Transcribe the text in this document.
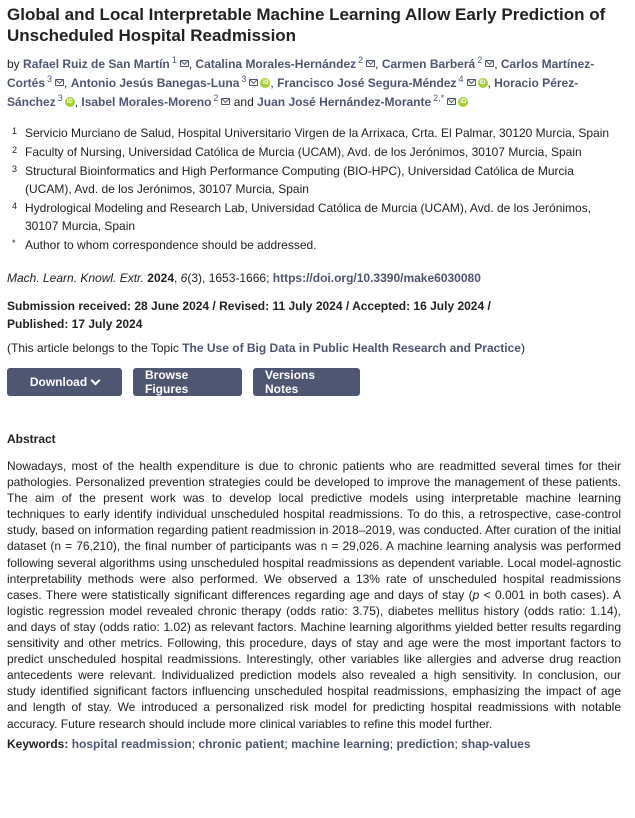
Global and Local Interpretable Machine Learning Allow Early Prediction of Unscheduled Hospital Readmission
by Rafael Ruiz de San Martín $^1$ , Catalina Morales-Hernández $^2$ , Carmen Barberá $^2$ , Carlos Martínez-Cortés $^3$ , Antonio Jesús Banegas-Luna $^3$	iD , Francisco José Segura-Méndez $^4$	iD , Horacio Pérez-Sánchez $^3$ iD , Isabel Morales-Moreno $^2$ and Juan José Hernández-Morante $^{2,*}$	iD
1 Servicio Murciano de Salud, Hospital Universitario Virgen de la Arrixaca, Crta. El Palmar, 30120 Murcia, Spain
2 Faculty of Nursing, Universidad Católica de Murcia (UCAM), Avd. de los Jerónimos, 30107 Murcia, Spain
3 Structural Bioinformatics and High Performance Computing (BIO-HPC), Universidad Católica de Murcia (UCAM), Avd. de los Jerónimos, 30107 Murcia, Spain
4 Hydrological Modeling and Research Lab, Universidad Católica de Murcia (UCAM), Avd. de los Jerónimos, 30107 Murcia, Spain
* Author to whom correspondence should be addressed.
Mach. Learn. Knowl. Extr. 2024, 6(3), 1653-1666; https://doi.org/10.3390/make6030080
Submission received: 28 June 2024 / Revised: 11 July 2024 / Accepted: 16 July 2024 /
Published: 17 July 2024
(This article belongs to the Topic The Use of Big Data in Public Health Research and Practice)
Download	Browse Figures
Versions Notes
Abstract
Nowadays, most of the health expenditure is due to chronic patients who are readmitted several times for their pathologies. Personalized prevention strategies could be developed to improve the management of these patients. The aim of the present work was to develop local predictive models using interpretable machine learning techniques to early identify individual unscheduled hospital readmissions. To do this, a retrospective, case-control study, based on information regarding patient readmission in 2018–2019, was conducted. After curation of the initial dataset (n = 76,210), the final number of participants was n = 29,026. A machine learning analysis was performed following several algorithms using unscheduled hospital readmissions as dependent variable. Local model-agnostic interpretability methods were also performed. We observed a 13% rate of unscheduled hospital readmissions cases. There were statistically significant differences regarding age and days of stay (p < 0.001 in both cases). A logistic regression model revealed chronic therapy (odds ratio: 3.75), diabetes mellitus history (odds ratio: 1.14), and days of stay (odds ratio: 1.02) as relevant factors. Machine learning algorithms yielded better results regarding sensitivity and other metrics. Following, this procedure, days of stay and age were the most important factors to predict unscheduled hospital readmissions. Interestingly, other variables like allergies and adverse drug reaction antecedents were relevant. Individualized prediction models also revealed a high sensitivity. In conclusion, our study identified significant factors influencing unscheduled hospital readmissions, emphasizing the impact of age and length of stay. We introduced a personalized risk model for predicting hospital readmissions with notable accuracy. Future research should include more clinical variables to refine this model further.
Keywords: hospital readmission; chronic patient; machine learning; prediction; shap-values
